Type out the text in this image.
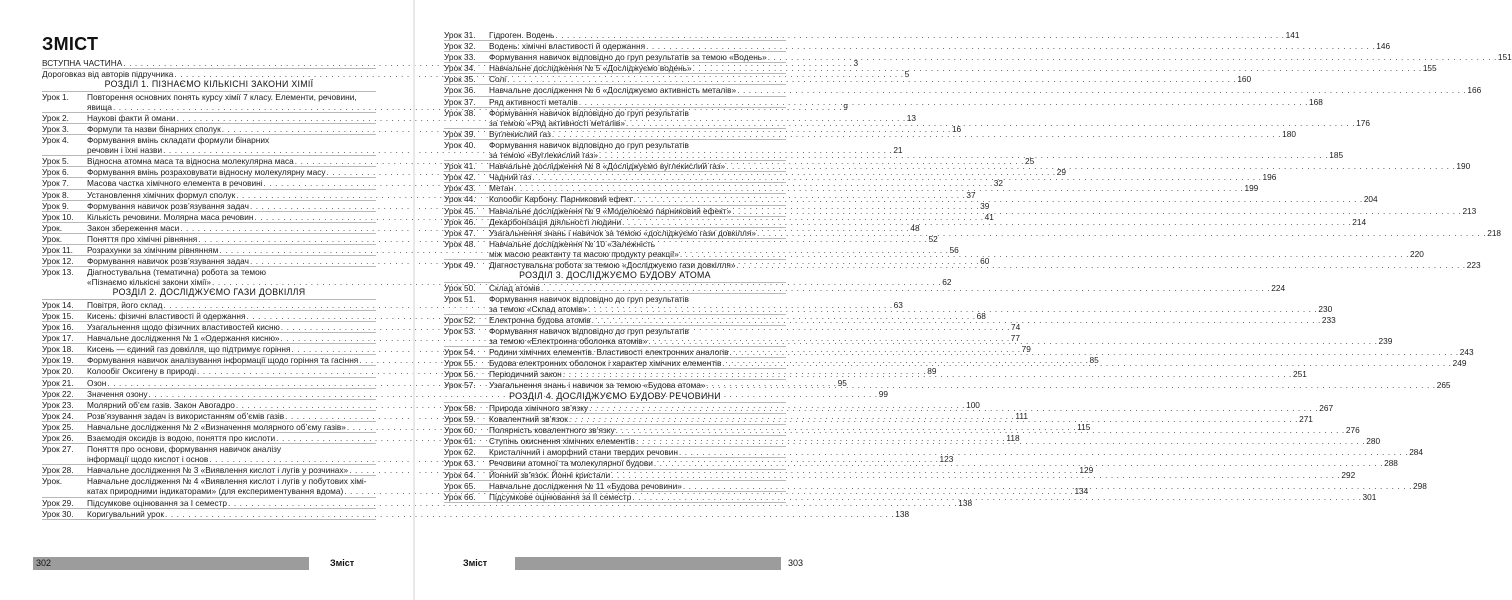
ЗМІСТ
ВСТУПНА ЧАСТИНА . . .	3
Дороговказ від авторів підручника . . .	5
РОЗДІЛ 1. ПІЗНАЄМО КІЛЬКІСНІ ЗАКОНИ ХІМІЇ
Урок 1. Повторення основних понять курсу хімії 7 класу. Елементи, речовини,
явища . . .	9
Урок 2. Наукові факти й омани . . .	13
Урок 3. Формули та назви бінарних сполук . . .	16
Урок 4. Формування вмінь складати формули бінарних
речовин і їхні назви . . .	21
Урок 5. Відносна атомна маса та відносна молекулярна маса . . .	25
Урок 6. Формування вмінь розраховувати відносну молекулярну масу . . .	29
Урок 7. Масова частка хімічного елемента в речовині . . .	32
Урок 8. Установлення хімічних формул сполук . . .	37
Урок 9. Формування навичок розв’язування задач . . .	39
Урок 10. Кількість речовини. Молярна маса речовин . . .	41
Урок.	Закон збереження маси . . .	48
Урок.	Поняття про хімічні рівняння . . .	52
Урок 11. Розрахунки за хімічним рівнянням . . .	56
Урок 12. Формування навичок розв’язування задач . . .	60
Урок 13. Діагностувальна (тематична) робота за темою
«Пізнаємо кількісні закони хімії» . . .	62
РОЗДІЛ 2. ДОСЛІДЖУЄМО ГАЗИ ДОВКІЛЛЯ
Урок 14. Повітря, його склад . . .	63
Урок 15. Кисень: фізичні властивості й одержання . . .	68
Урок 16. Узагальнення щодо фізичних властивостей кисню . . .	74
Урок 17. Навчальне дослідження № 1 «Одержання кисню» . . .	77
Урок 18. Кисень — єдиний газ довкілля, що підтримує горіння . . .	79
Урок 19. Формування навичок аналізування інформації щодо горіння та гасіння . . .	85
Урок 20. Колообіг Оксигену в природі . . .	89
Урок 21. Озон . . .	95
Урок 22. Значення озону . . .	99
Урок 23. Молярний об’єм газів. Закон Авогадро . . .	100
Урок 24. Розв’язування задач із використанням об’ємів газів . . .	111
Урок 25. Навчальне дослідження № 2 «Визначення молярного об’єму газів» . . .	115
Урок 26. Взаємодія оксидів із водою, поняття про кислоти . . .	118
Урок 27. Поняття про основи, формування навичок аналізу
інформації щодо кислот і основ . . .	123
Урок 28. Навчальне дослідження № 3 «Виявлення кислот і лугів у розчинах» . . .	129
Урок.	Навчальне дослідження № 4 «Виявлення кислот і лугів у побутових хімі-
катах природними індикаторами» (для експериментування вдома) . . .	134
Урок 29. Підсумкове оцінювання за І семестр . . .	138
Урок 30. Коригувальний урок . . .	138
302	Зміст
Урок 31. Гідроген. Водень . . .	141
Урок 32. Водень: хімічні властивості й одержання . . .	146
Урок 33. Формування навичок відповідно до груп результатів за темою «Водень» . . .	151
Урок 34. Навчальне дослідження № 5 «Досліджуємо водень» . . .	155
Урок 35. Солі . . .	160
Урок 36. Навчальне дослідження № 6 «Досліджуємо активність металів» . . .	166
Урок 37. Ряд активності металів . . .	168
Урок 38. Формування навичок відповідно до груп результатів
за темою «Ряд активності металів» . . .	176
Урок 39. Вуглекислий газ . . .	180
Урок 40. Формування навичок відповідно до груп результатів
за темою «Вуглекислий газ» . . .	185
Урок 41. Навчальне дослідження № 8 «Досліджуємо вуглекислий газ» . . .	190
Урок 42. Чадний газ . . .	196
Урок 43. Метан . . .	199
Урок 44. Колообіг Карбону. Парниковий ефект . . .	204
Урок 45. Навчальне дослідження № 9 «Моделюємо парниковий ефект» . . .	213
Урок 46. Декарбонізація діяльності людини . . .	214
Урок 47. Узагальнення знань і навичок за темою «досліджуємо гази довкілля» . . .	218
Урок 48. Навчальне дослідження № 10 «Залежність
між масою реактанту та масою продукту реакції» . . .	220
Урок 49. Діагностувальна робота за темою «Досліджуємо гази довкілля» . . .	223
РОЗДІЛ 3. ДОСЛІДЖУЄМО БУДОВУ АТОМА
Урок 50. Склад атомів . . .	224
Урок 51. Формування навичок відповідно до груп результатів
за темою «Склад атомів» . . .	230
Урок 52. Електронна будова атомів . . .	233
Урок 53. Формування навичок відповідно до груп результатів
за темою «Електронна оболонка атомів» . . .	239
Урок 54. Родини хімічних елементів. Властивості електронних аналогів . . .	243
Урок 55. Будова електронних оболонок і характер хімічних елементів . . .	249
Урок 56. Періодичний закон . . .	251
Урок 57. Узагальнення знань і навичок за темою «Будова атома» . . .	265
РОЗДІЛ 4. ДОСЛІДЖУЄМО БУДОВУ РЕЧОВИНИ
Урок 58. Природа хімічного зв’язку . . .	267
Урок 59. Ковалентний зв’язок . . .	271
Урок 60. Полярність ковалентного зв’язку . . .	276
Урок 61. Ступінь окиснення хімічних елементів . . .	280
Урок 62. Кристалічний і аморфний стани твердих речовин . . .	284
Урок 63. Речовини атомної та молекулярної будови . . .	288
Урок 64. Йонний зв’язок. Йонні кристали . . .	292
Урок 65. Навчальне дослідження № 11 «Будова речовини» . . .	298
Урок 66. Підсумкове оцінювання за ІІ семестр . . .	301
Зміст	303
